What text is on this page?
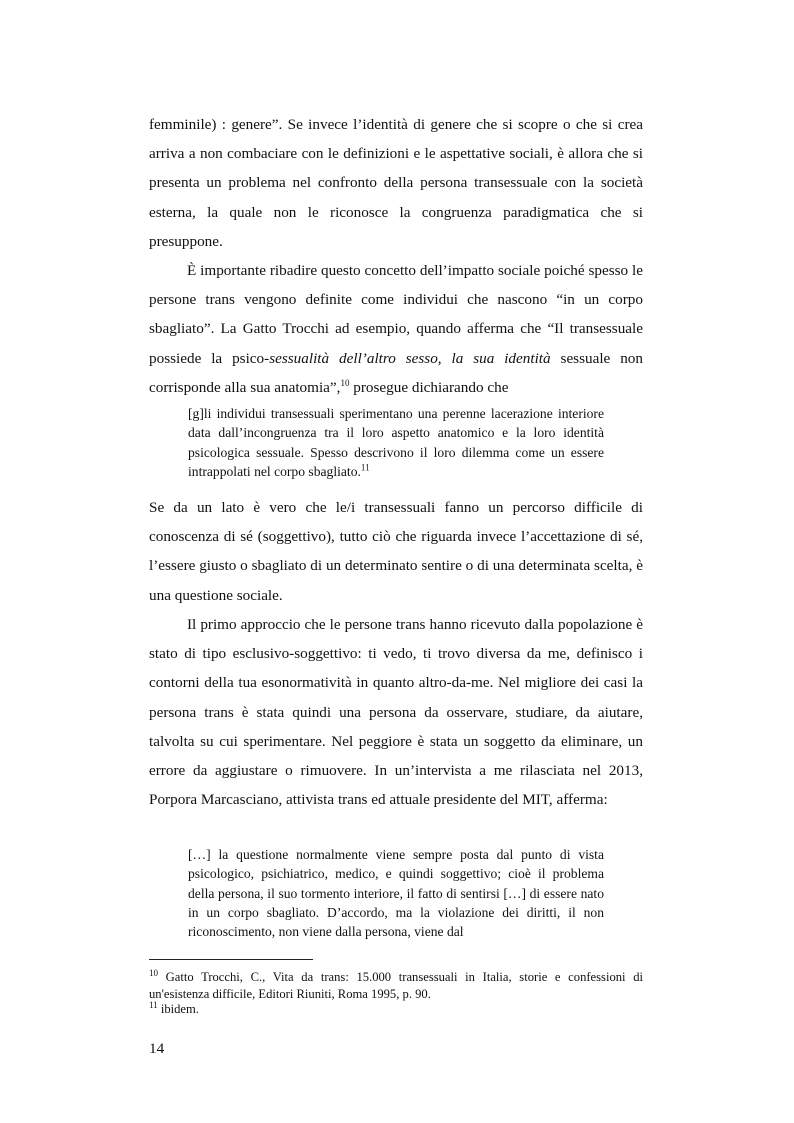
femminile) : genere”. Se invece l’identità di genere che si scopre o che si crea arriva a non combaciare con le definizioni e le aspettative sociali, è allora che si presenta un problema nel confronto della persona transessuale con la società esterna, la quale non le riconosce la congruenza paradigmatica che si presuppone.

È importante ribadire questo concetto dell’impatto sociale poiché spesso le persone trans vengono definite come individui che nascono “in un corpo sbagliato”. La Gatto Trocchi ad esempio, quando afferma che “Il transessuale possiede la psico-sessualità dell’altro sesso, la sua identità sessuale non corrisponde alla sua anatomia”,$^{10}$ prosegue dichiarando che

[g]li individui transessuali sperimentano una perenne lacerazione interiore data dall’incongruenza tra il loro aspetto anatomico e la loro identità psicologica sessuale. Spesso descrivono il loro dilemma come un essere intrappolati nel corpo sbagliato.$^{11}$

Se da un lato è vero che le/i transessuali fanno un percorso difficile di conoscenza di sé (soggettivo), tutto ciò che riguarda invece l’accettazione di sé, l’essere giusto o sbagliato di un determinato sentire o di una determinata scelta, è una questione sociale.

Il primo approccio che le persone trans hanno ricevuto dalla popolazione è stato di tipo esclusivo-soggettivo: ti vedo, ti trovo diversa da me, definisco i contorni della tua esonormatività in quanto altro-da-me. Nel migliore dei casi la persona trans è stata quindi una persona da osservare, studiare, da aiutare, talvolta su cui sperimentare. Nel peggiore è stata un soggetto da eliminare, un errore da aggiustare o rimuovere. In un’intervista a me rilasciata nel 2013, Porpora Marcasciano, attivista trans ed attuale presidente del MIT, afferma:

[…] la questione normalmente viene sempre posta dal punto di vista psicologico, psichiatrico, medico, e quindi soggettivo; cioè il problema della persona, il suo tormento interiore, il fatto di sentirsi […] di essere nato in un corpo sbagliato. D’accordo, ma la violazione dei diritti, il non riconoscimento, non viene dalla persona, viene dal

$^{10}$ Gatto Trocchi, C., Vita da trans: 15.000 transessuali in Italia, storie e confessioni di un'esistenza difficile, Editori Riuniti, Roma 1995, p. 90.

$^{11}$ ibidem.

14
